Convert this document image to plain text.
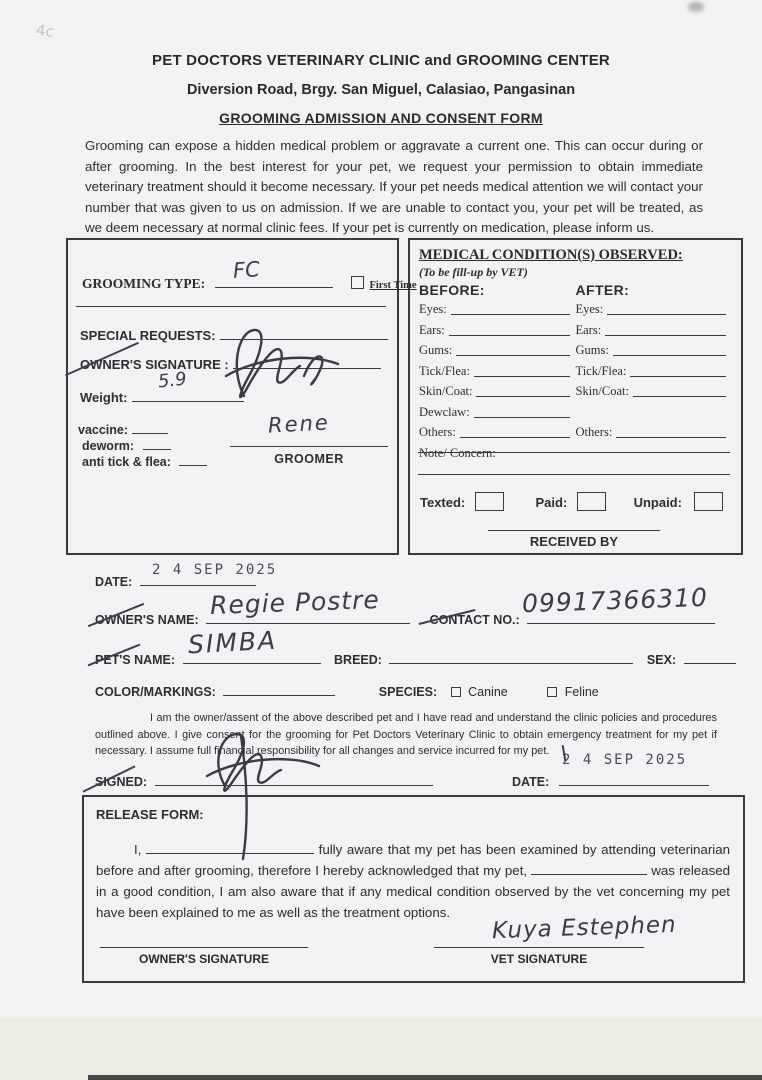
4c
PET DOCTORS VETERINARY CLINIC and GROOMING CENTER
Diversion Road, Brgy. San Miguel, Calasiao, Pangasinan
GROOMING ADMISSION AND CONSENT FORM
Grooming can expose a hidden medical problem or aggravate a current one. This can occur during or after grooming. In the best interest for your pet, we request your permission to obtain immediate veterinary treatment should it become necessary. If your pet needs medical attention we will contact your number that was given to us on admission. If we are unable to contact you, your pet will be treated, as we deem necessary at normal clinic fees. If your pet is currently on medication, please inform us.
GROOMING TYPE:	First Time
FC
SPECIAL REQUESTS:
OWNER'S SIGNATURE :
Weight:
5.9
vaccine:
deworm:
anti tick & flea:
Rene
GROOMER
MEDICAL CONDITION(S) OBSERVED:
(To be fill-up by VET)
BEFORE:	AFTER:
Eyes:	Eyes:
Ears:	Ears:
Gums:	Gums:
Tick/Flea:	Tick/Flea:
Skin/Coat:	Skin/Coat:
Dewclaw:
Others:	Others:
Note/ Concern:
Texted:	Paid:	Unpaid:
RECEIVED BY
DATE:
2 4 SEP 2025
OWNER'S NAME:	CONTACT NO.:
Regie Postre	09917366310
PET'S NAME:	BREED:	SEX:
SIMBA
COLOR/MARKINGS:	SPECIES: Canine	Feline
I am the owner/assent of the above described pet and I have read and understand the clinic policies and procedures outlined above. I give consent for the grooming for Pet Doctors Veterinary Clinic to obtain emergency treatment for my pet if necessary. I assume full financial responsibility for all changes and service incurred for my pet.
SIGNED:	DATE:
2 4 SEP 2025
RELEASE FORM:
I,	fully aware that my pet has been examined by attending veterinarian before and after grooming, therefore I hereby acknowledged that my pet,	was released in a good condition, I am also aware that if any medical condition observed by the vet concerning my pet have been explained to me as well as the treatment options.
OWNER'S SIGNATURE
Kuya Estephen
VET SIGNATURE
